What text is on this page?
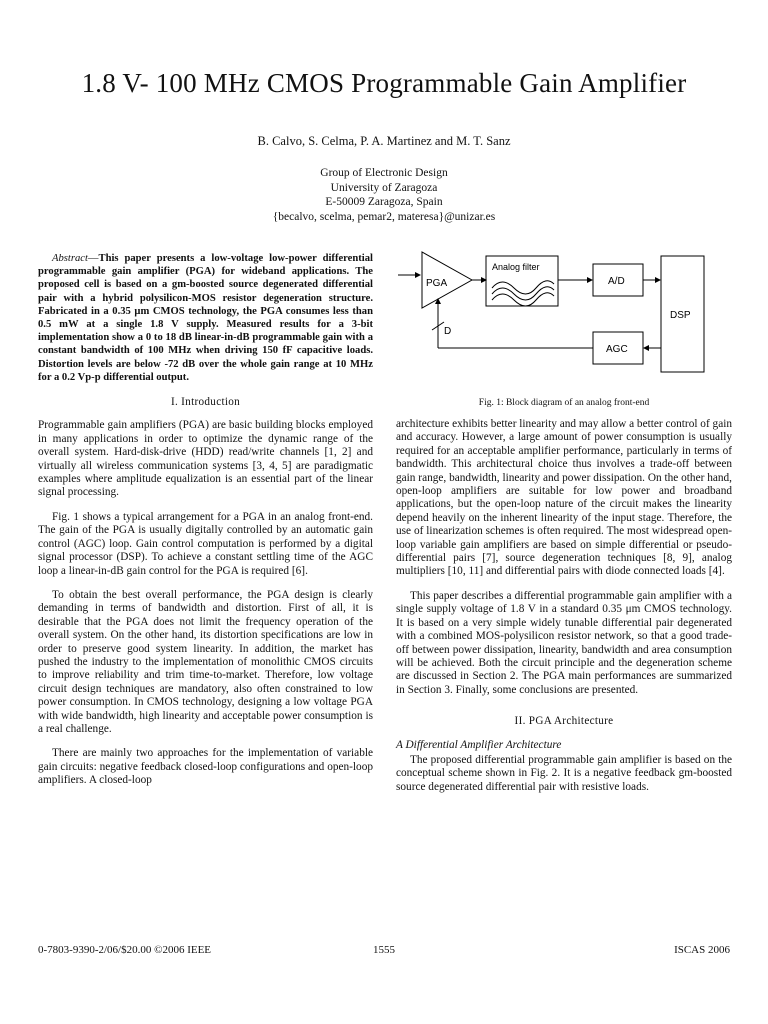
1.8 V- 100 MHz CMOS Programmable Gain Amplifier
B. Calvo, S. Celma, P. A. Martinez and M. T. Sanz
Group of Electronic Design
University of Zaragoza
E-50009 Zaragoza, Spain
{becalvo, scelma, pemar2, materesa}@unizar.es

Abstract—This paper presents a low-voltage low-power differential programmable gain amplifier (PGA) for wideband applications. The proposed cell is based on a gm-boosted source degenerated differential pair with a hybrid polysilicon-MOS resistor degeneration structure. Fabricated in a 0.35 μm CMOS technology, the PGA consumes less than 0.5 mW at a single 1.8 V supply. Measured results for a 3-bit implementation show a 0 to 18 dB linear-in-dB programmable gain with a constant bandwidth of 100 MHz when driving 150 fF capacitive loads. Distortion levels are below -72 dB over the whole gain range at 10 MHz for a 0.2 Vp-p differential output.

I. Introduction

Programmable gain amplifiers (PGA) are basic building blocks employed in many applications in order to optimize the dynamic range of the overall system. Hard-disk-drive (HDD) read/write channels [1, 2] and virtually all wireless communication systems [3, 4, 5] are paradigmatic examples where amplitude equalization is an essential part of the linear signal processing.

Fig. 1 shows a typical arrangement for a PGA in an analog front-end. The gain of the PGA is usually digitally controlled by an automatic gain control (AGC) loop. Gain control computation is performed by a digital signal processor (DSP). To achieve a constant settling time of the AGC loop a linear-in-dB gain control for the PGA is required [6].

To obtain the best overall performance, the PGA design is clearly demanding in terms of bandwidth and distortion. First of all, it is desirable that the PGA does not limit the frequency operation of the overall system. On the other hand, its distortion specifications are low in order to preserve good system linearity. In addition, the market has pushed the industry to the implementation of monolithic CMOS circuits to improve reliability and trim time-to-market. Therefore, low voltage circuit design techniques are mandatory, also often constrained to low power consumption. In CMOS technology, designing a low voltage PGA with wide bandwidth, high linearity and acceptable power consumption is a real challenge.

There are mainly two approaches for the implementation of variable gain circuits: negative feedback closed-loop configurations and open-loop amplifiers. A closed-loop

PGA
Analog filter
A/D
DSP
AGC
D
Fig. 1: Block diagram of an analog front-end

architecture exhibits better linearity and may allow a better control of gain and accuracy. However, a large amount of power consumption is usually required for an acceptable amplifier performance, particularly in terms of bandwidth. This architectural choice thus involves a trade-off between gain range, bandwidth, linearity and power dissipation. On the other hand, open-loop amplifiers are suitable for low power and broadband applications, but the open-loop nature of the circuit makes the linearity depend heavily on the inherent linearity of the input stage. Therefore, the use of linearization schemes is often required. The most widespread open-loop variable gain amplifiers are based on simple differential or pseudo-differential pairs [7], source degeneration techniques [8, 9], analog multipliers [10, 11] and differential pairs with diode connected loads [4].

This paper describes a differential programmable gain amplifier with a single supply voltage of 1.8 V in a standard 0.35 μm CMOS technology. It is based on a very simple widely tunable differential pair degenerated with a combined MOS-polysilicon resistor network, so that a good trade-off between power dissipation, linearity, bandwidth and area consumption will be achieved. Both the circuit principle and the degeneration scheme are discussed in Section 2. The PGA main performances are summarized in Section 3. Finally, some conclusions are presented.

II. PGA Architecture
A Differential Amplifier Architecture

The proposed differential programmable gain amplifier is based on the conceptual scheme shown in Fig. 2. It is a negative feedback gm-boosted source degenerated differential pair with resistive loads.

0-7803-9390-2/06/$20.00 ©2006 IEEE	1555	ISCAS 2006
